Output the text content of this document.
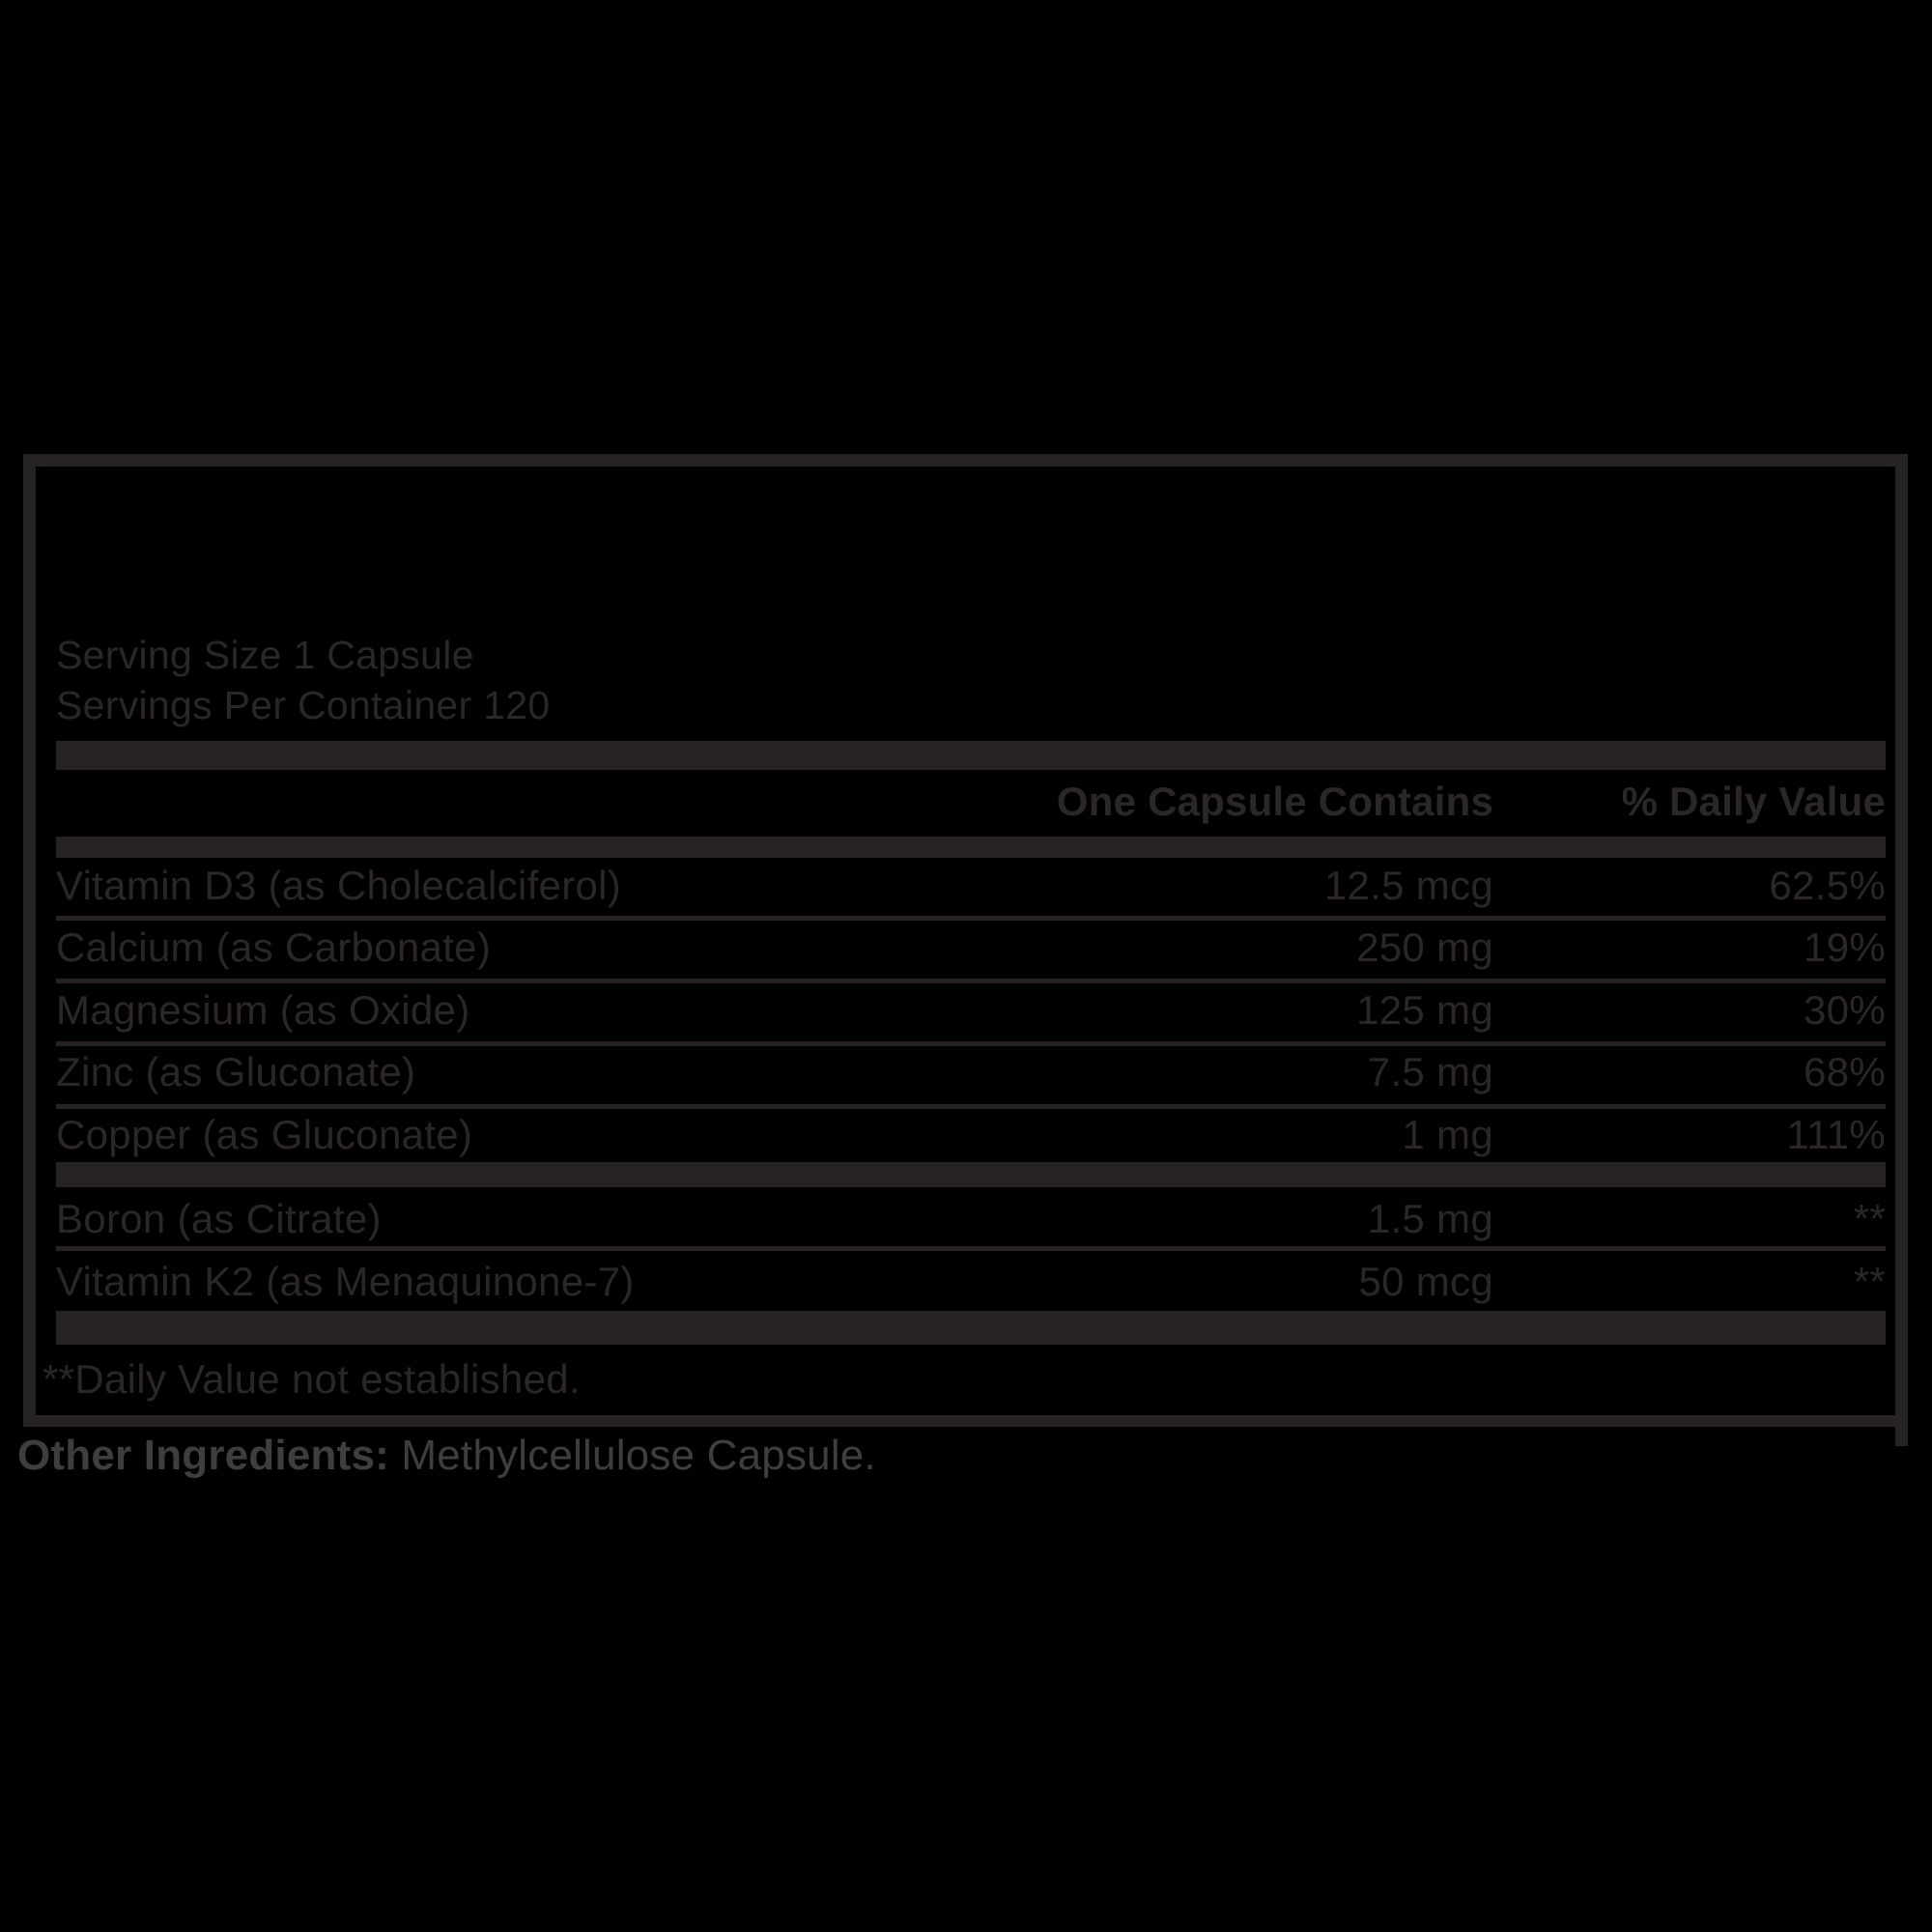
Serving Size 1 Capsule
Servings Per Container 120
One Capsule Contains	% Daily Value
Vitamin D3 (as Cholecalciferol)	12.5 mcg	62.5%
Calcium (as Carbonate)	250 mg	19%
Magnesium (as Oxide)	125 mg	30%
Zinc (as Gluconate)	7.5 mg	68%
Copper (as Gluconate)	1 mg	111%
Boron (as Citrate)	1.5 mg	**
Vitamin K2 (as Menaquinone-7)	50 mcg	**
**Daily Value not established.
Other Ingredients: Methylcellulose Capsule.
